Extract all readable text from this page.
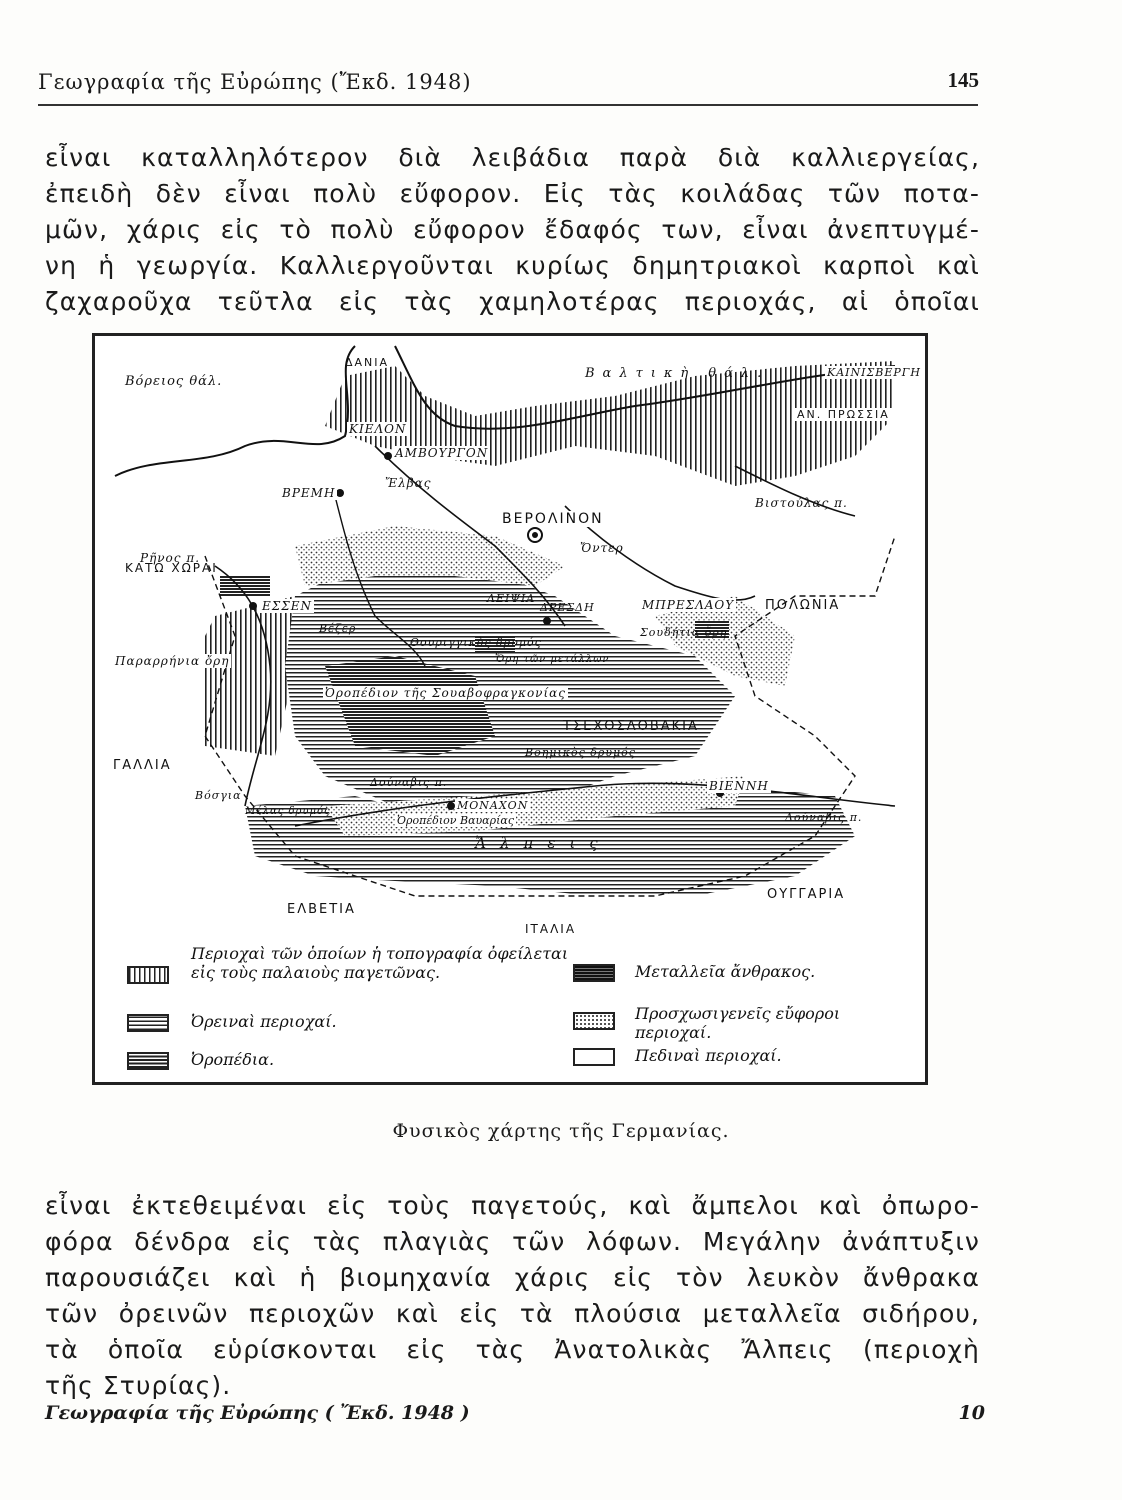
Γεωγραφία τῆς Εὐρώπης (Ἔκδ. 1948)	145

εἶναι καταλληλότερον διὰ λειβάδια παρὰ διὰ καλλιεργείας,
ἐπειδὴ δὲν εἶναι πολὺ εὔφορον. Εἰς τὰς κοιλάδας τῶν ποτα-
μῶν, χάρις εἰς τὸ πολὺ εὔφορον ἔδαφός των, εἶναι ἀνεπτυγμέ-
νη ἡ γεωργία. Καλλιεργοῦνται κυρίως δημητριακοὶ καρποὶ καὶ
ζαχαροῦχα τεῦτλα εἰς τὰς χαμηλοτέρας περιοχάς, αἱ ὁποῖαι

Βόρειος θάλ.
Βαλτικὴ θάλ.
ΔΑΝΙΑ
ΚΙΕΛΟΝ
ΑΜΒΟΥΡΓΟΝ
ΒΡΕΜΗ
ΒΕΡΟΛΙΝΟΝ
Ἔλβας
Ὄντερ
Βιστούλας π.
ΚΑΙΝΙΣΒΕΡΓΗ
ΑΝ. ΠΡΩΣΣΙΑ
ΚΑΤΩ ΧΩΡΑΙ
Ρῆνος π.
ΕΣΣΕΝ
ΛΕΙΨΙΑ
ΔΡΕΣΔΗ	ΜΠΡΕΣΛΑΟΥ ΠΟΛΩΝΙΑ
Βέζερ
Παραρρήνια ὄρη
Θουριγγικὸς δρυμός
Ὄρη τῶν μετάλλων
Σουδήτια ὄρη
Ὀροπέδιον τῆς Σουαβοφραγκονίας
ΤΣΕΧΟΣΛΟΒΑΚΙΑ
Βοημικὸς δρυμός
ΓΑΛΛΙΑ
Δούναβις π.
Δούναβις π.
ΒΙΕΝΝΗ
ΜΟΝΑΧΟΝ
Ὀροπέδιον Βαυαρίας
Ἄλπεις
Βόσγια
Μέλας δρυμός
ΕΛΒΕΤΙΑ
ΙΤΑΛΙΑ
ΟΥΓΓΑΡΙΑ
Περιοχαὶ τῶν ὁποίων ἡ τοπογραφία ὀφείλεται εἰς τοὺς παλαιοὺς παγετῶνας.
Ὀρειναὶ περιοχαί.
Ὀροπέδια.
Μεταλλεῖα ἄνθρακος.
Προσχωσιγενεῖς εὔφοροι περιοχαί.
Πεδιναὶ περιοχαί.
Φυσικὸς χάρτης τῆς Γερμανίας.

εἶναι ἐκτεθειμέναι εἰς τοὺς παγετούς, καὶ ἄμπελοι καὶ ὀπωρο-
φόρα δένδρα εἰς τὰς πλαγιὰς τῶν λόφων. Μεγάλην ἀνάπτυξιν
παρουσιάζει καὶ ἡ βιομηχανία χάρις εἰς τὸν λευκὸν ἄνθρακα
τῶν ὀρεινῶν περιοχῶν καὶ εἰς τὰ πλούσια μεταλλεῖα σιδήρου,
τὰ ὁποῖα εὑρίσκονται εἰς τὰς Ἀνατολικὰς Ἄλπεις (περιοχὴ
τῆς Στυρίας).

Γεωγραφία τῆς Εὐρώπης ( Ἔκδ. 1948 )	10
